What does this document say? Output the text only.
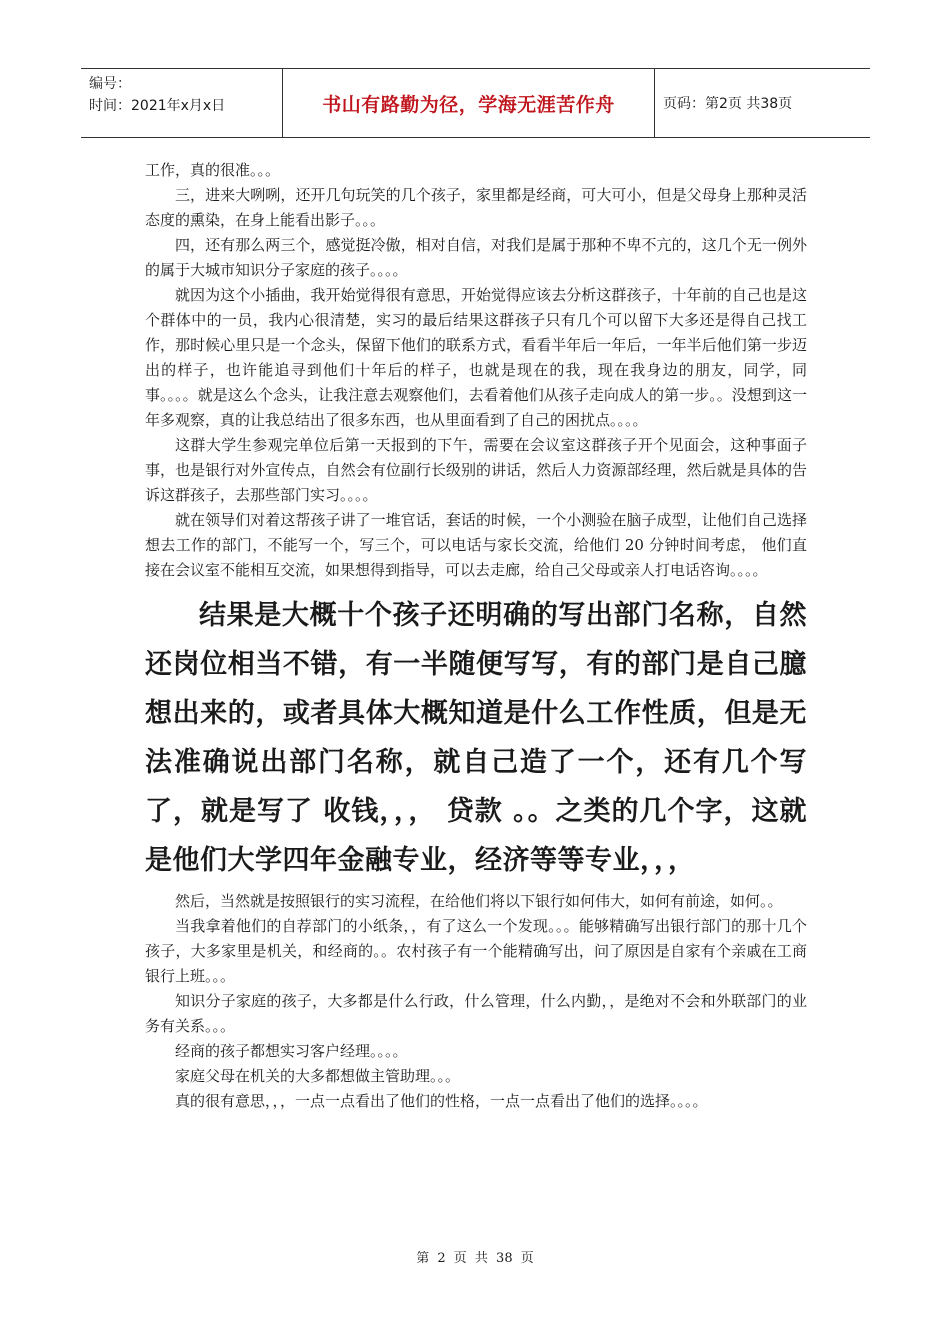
编号：
时间：2021年x月x日	书山有路勤为径，学海无涯苦作舟	页码：第2页 共38页

工作，真的很准。。。

三，进来大咧咧，还开几句玩笑的几个孩子，家里都是经商，可大可小，但是父母身上那种灵活态度的熏染，在身上能看出影子。。。

四，还有那么两三个，感觉挺冷傲，相对自信，对我们是属于那种不卑不亢的，这几个无一例外的属于大城市知识分子家庭的孩子。。。。

就因为这个小插曲，我开始觉得很有意思，开始觉得应该去分析这群孩子，十年前的自己也是这个群体中的一员，我内心很清楚，实习的最后结果这群孩子只有几个可以留下大多还是得自己找工作，那时候心里只是一个念头，保留下他们的联系方式，看看半年后一年后，一年半后他们第一步迈出的样子，也许能追寻到他们十年后的样子，也就是现在的我，现在我身边的朋友，同学，同事。。。。就是这么个念头，让我注意去观察他们，去看着他们从孩子走向成人的第一步。。没想到这一年多观察，真的让我总结出了很多东西，也从里面看到了自己的困扰点。。。。

这群大学生参观完单位后第一天报到的下午，需要在会议室这群孩子开个见面会，这种事面子事，也是银行对外宣传点，自然会有位副行长级别的讲话，然后人力资源部经理，然后就是具体的告诉这群孩子，去那些部门实习。。。。

就在领导们对着这帮孩子讲了一堆官话，套话的时候，一个小测验在脑子成型，让他们自己选择想去工作的部门，不能写一个，写三个，可以电话与家长交流，给他们 20 分钟时间考虑， 他们直接在会议室不能相互交流，如果想得到指导，可以去走廊，给自己父母或亲人打电话咨询。。。。

结果是大概十个孩子还明确的写出部门名称，自然还岗位相当不错，有一半随便写写，有的部门是自己臆想出来的，或者具体大概知道是什么工作性质，但是无法准确说出部门名称，就自己造了一个，还有几个写了，就是写了 收钱，，， 贷款 。。之类的几个字，这就是他们大学四年金融专业，经济等等专业，，，

然后，当然就是按照银行的实习流程，在给他们将以下银行如何伟大，如何有前途，如何。。

当我拿着他们的自荐部门的小纸条，，有了这么一个发现。。。能够精确写出银行部门的那十几个孩子，大多家里是机关，和经商的。。农村孩子有一个能精确写出，问了原因是自家有个亲戚在工商银行上班。。。

知识分子家庭的孩子，大多都是什么行政，什么管理，什么内勤，，是绝对不会和外联部门的业务有关系。。。

经商的孩子都想实习客户经理。。。。

家庭父母在机关的大多都想做主管助理。。。

真的很有意思，，，一点一点看出了他们的性格，一点一点看出了他们的选择。。。。

第 2 页 共 38 页
